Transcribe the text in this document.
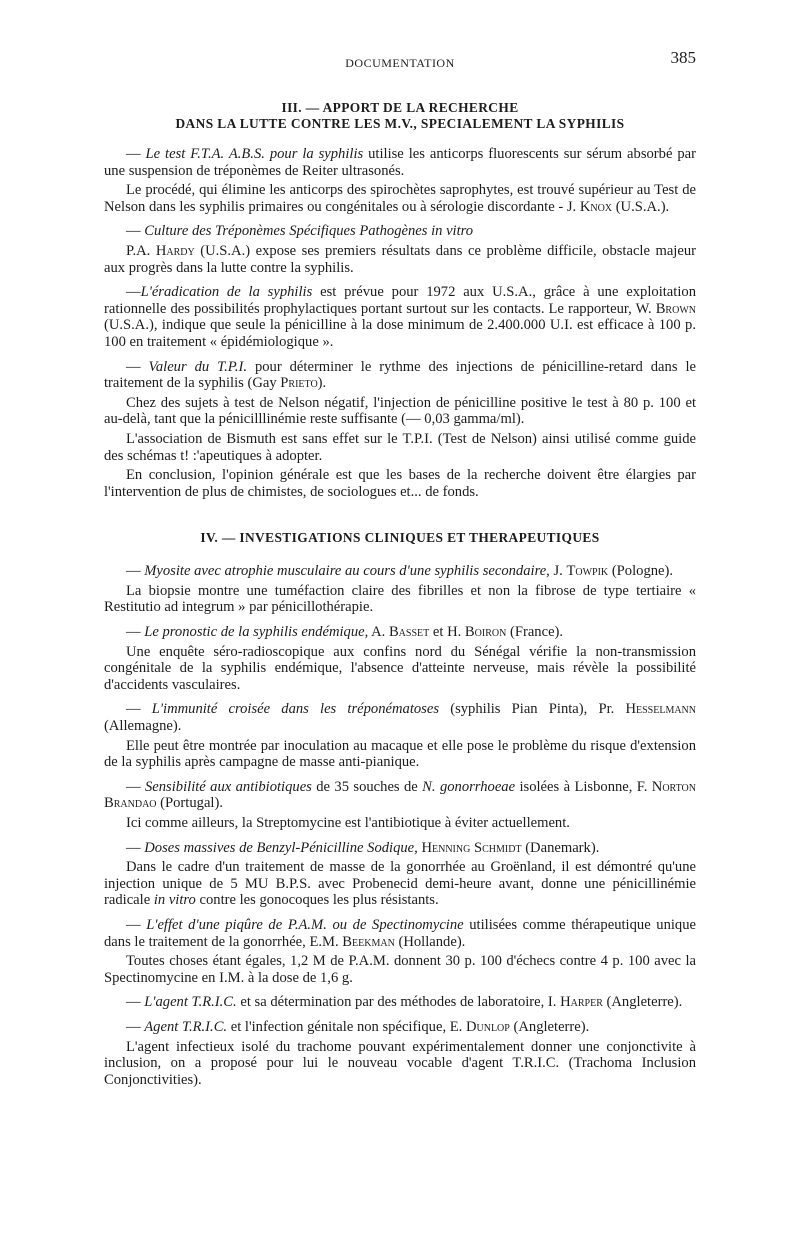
DOCUMENTATION	385
III. — APPORT DE LA RECHERCHE
DANS LA LUTTE CONTRE LES M.V., SPECIALEMENT LA SYPHILIS

— Le test F.T.A. A.B.S. pour la syphilis utilise les anticorps fluorescents sur sérum absorbé par une suspension de tréponèmes de Reiter ultrasonés.

Le procédé, qui élimine les anticorps des spirochètes saprophytes, est trouvé supérieur au Test de Nelson dans les syphilis primaires ou congénitales ou à sérologie discordante - J. Knox (U.S.A.).

— Culture des Tréponèmes Spécifiques Pathogènes in vitro

P.A. Hardy (U.S.A.) expose ses premiers résultats dans ce problème difficile, obstacle majeur aux progrès dans la lutte contre la syphilis.

—L'éradication de la syphilis est prévue pour 1972 aux U.S.A., grâce à une exploitation rationnelle des possibilités prophylactiques portant surtout sur les contacts. Le rapporteur, W. Brown (U.S.A.), indique que seule la pénicilline à la dose minimum de 2.400.000 U.I. est efficace à 100 p. 100 en traitement « épidémiologique ».

— Valeur du T.P.I. pour déterminer le rythme des injections de pénicilline-retard dans le traitement de la syphilis (Gay Prieto).

Chez des sujets à test de Nelson négatif, l'injection de pénicilline positive le test à 80 p. 100 et au-delà, tant que la pénicilllinémie reste suffisante (— 0,03 gamma/ml).

L'association de Bismuth est sans effet sur le T.P.I. (Test de Nelson) ainsi utilisé comme guide des schémas t! :'apeutiques à adopter.

En conclusion, l'opinion générale est que les bases de la recherche doivent être élargies par l'intervention de plus de chimistes, de sociologues et... de fonds.

IV. — INVESTIGATIONS CLINIQUES ET THERAPEUTIQUES

— Myosite avec atrophie musculaire au cours d'une syphilis secondaire, J. Towpik (Pologne).

La biopsie montre une tuméfaction claire des fibrilles et non la fibrose de type tertiaire « Restitutio ad integrum » par pénicillothérapie.

— Le pronostic de la syphilis endémique, A. Basset et H. Boiron (France).

Une enquête séro-radioscopique aux confins nord du Sénégal vérifie la non-transmission congénitale de la syphilis endémique, l'absence d'atteinte nerveuse, mais révèle la possibilité d'accidents vasculaires.

— L'immunité croisée dans les tréponématoses (syphilis Pian Pinta), Pr. Hesselmann (Allemagne).

Elle peut être montrée par inoculation au macaque et elle pose le problème du risque d'extension de la syphilis après campagne de masse anti-pianique.

— Sensibilité aux antibiotiques de 35 souches de N. gonorrhoeae isolées à Lisbonne, F. Norton Brandao (Portugal).

Ici comme ailleurs, la Streptomycine est l'antibiotique à éviter actuellement.

— Doses massives de Benzyl-Pénicilline Sodique, Henning Schmidt (Danemark).

Dans le cadre d'un traitement de masse de la gonorrhée au Groënland, il est démontré qu'une injection unique de 5 MU B.P.S. avec Probenecid demi-heure avant, donne une pénicillinémie radicale in vitro contre les gonocoques les plus résistants.

— L'effet d'une piqûre de P.A.M. ou de Spectinomycine utilisées comme thérapeutique unique dans le traitement de la gonorrhée, E.M. Beekman (Hollande).

Toutes choses étant égales, 1,2 M de P.A.M. donnent 30 p. 100 d'échecs contre 4 p. 100 avec la Spectinomycine en I.M. à la dose de 1,6 g.

— L'agent T.R.I.C. et sa détermination par des méthodes de laboratoire, I. Harper (Angleterre).

— Agent T.R.I.C. et l'infection génitale non spécifique, E. Dunlop (Angleterre).

L'agent infectieux isolé du trachome pouvant expérimentalement donner une conjonctivite à inclusion, on a proposé pour lui le nouveau vocable d'agent T.R.I.C. (Trachoma Inclusion Conjonctivities).
